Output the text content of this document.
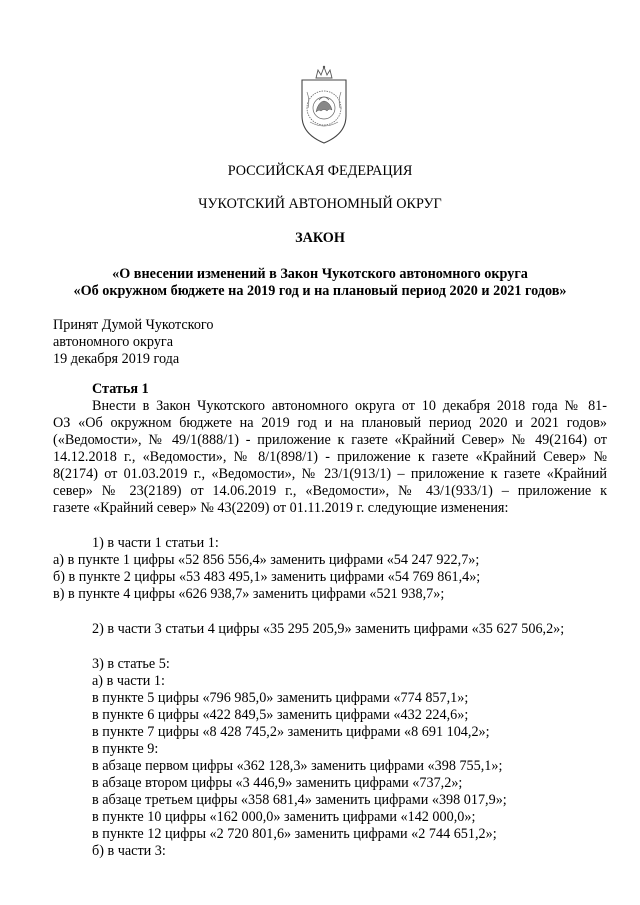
РОССИЙСКАЯ ФЕДЕРАЦИЯ
ЧУКОТСКИЙ АВТОНОМНЫЙ ОКРУГ
ЗАКОН
«О внесении изменений в Закон Чукотского автономного округа
«Об окружном бюджете на 2019 год и на плановый период 2020 и 2021 годов»
Принят Думой Чукотского
автономного округа
19 декабря 2019 года
Статья 1
Внести в Закон Чукотского автономного округа от 10 декабря 2018 года № 81-
ОЗ «Об окружном бюджете на 2019 год и на плановый период 2020 и 2021 годов»
(«Ведомости», № 49/1(888/1) - приложение к газете «Крайний Север» № 49(2164) от
14.12.2018 г., «Ведомости», № 8/1(898/1) - приложение к газете «Крайний Север» №
8(2174) от 01.03.2019 г., «Ведомости», № 23/1(913/1) – приложение к газете «Крайний
север» № 23(2189) от 14.06.2019 г., «Ведомости», № 43/1(933/1) – приложение к
газете «Крайний север» № 43(2209) от 01.11.2019 г. следующие изменения:
1) в части 1 статьи 1:
а) в пункте 1 цифры «52 856 556,4» заменить цифрами «54 247 922,7»;
б) в пункте 2 цифры «53 483 495,1» заменить цифрами «54 769 861,4»;
в) в пункте 4 цифры «626 938,7» заменить цифрами «521 938,7»;
2) в части 3 статьи 4 цифры «35 295 205,9» заменить цифрами «35 627 506,2»;
3) в статье 5:
а) в части 1:
в пункте 5 цифры «796 985,0» заменить цифрами «774 857,1»;
в пункте 6 цифры «422 849,5» заменить цифрами «432 224,6»;
в пункте 7 цифры «8 428 745,2» заменить цифрами «8 691 104,2»;
в пункте 9:
в абзаце первом цифры «362 128,3» заменить цифрами «398 755,1»;
в абзаце втором цифры «3 446,9» заменить цифрами «737,2»;
в абзаце третьем цифры «358 681,4» заменить цифрами «398 017,9»;
в пункте 10 цифры «162 000,0» заменить цифрами «142 000,0»;
в пункте 12 цифры «2 720 801,6» заменить цифрами «2 744 651,2»;
б) в части 3:
